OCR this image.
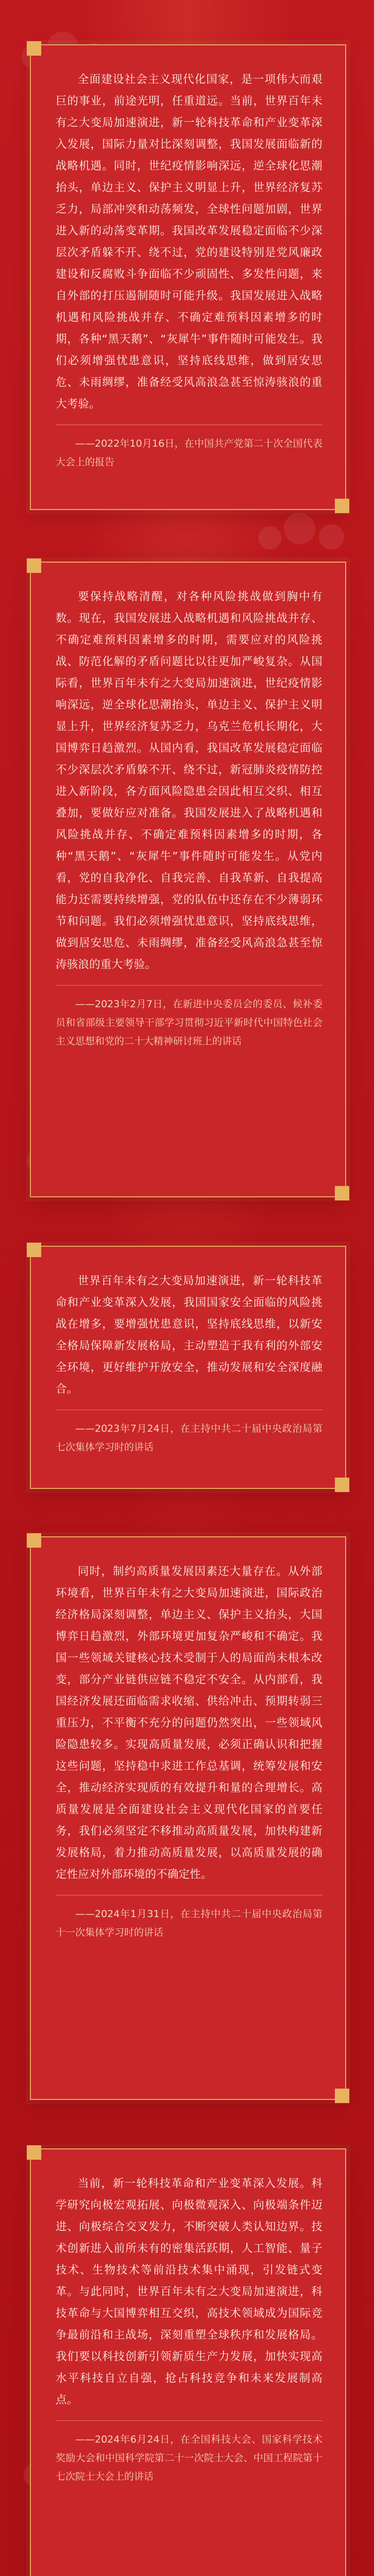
全面建设社会主义现代化国家，是一项伟大而艰巨的事业，前途光明，任重道远。当前，世界百年未有之大变局加速演进，新一轮科技革命和产业变革深入发展，国际力量对比深刻调整，我国发展面临新的战略机遇。同时，世纪疫情影响深远，逆全球化思潮抬头，单边主义、保护主义明显上升，世界经济复苏乏力，局部冲突和动荡频发，全球性问题加剧，世界进入新的动荡变革期。我国改革发展稳定面临不少深层次矛盾躲不开、绕不过，党的建设特别是党风廉政建设和反腐败斗争面临不少顽固性、多发性问题，来自外部的打压遏制随时可能升级。我国发展进入战略机遇和风险挑战并存、不确定难预料因素增多的时期，各种“黑天鹅”、“灰犀牛”事件随时可能发生。我们必须增强忧患意识，坚持底线思维，做到居安思危、未雨绸缪，准备经受风高浪急甚至惊涛骇浪的重大考验。

——2022年10月16日，在中国共产党第二十次全国代表大会上的报告

要保持战略清醒，对各种风险挑战做到胸中有数。现在，我国发展进入战略机遇和风险挑战并存、不确定难预料因素增多的时期，需要应对的风险挑战、防范化解的矛盾问题比以往更加严峻复杂。从国际看，世界百年未有之大变局加速演进，世纪疫情影响深远，逆全球化思潮抬头，单边主义、保护主义明显上升，世界经济复苏乏力，乌克兰危机长期化，大国博弈日趋激烈。从国内看，我国改革发展稳定面临不少深层次矛盾躲不开、绕不过，新冠肺炎疫情防控进入新阶段，各方面风险隐患会因此相互交织、相互叠加，要做好应对准备。我国发展进入了战略机遇和风险挑战并存、不确定难预料因素增多的时期，各种“黑天鹅”、“灰犀牛”事件随时可能发生。从党内看，党的自我净化、自我完善、自我革新、自我提高能力还需要持续增强，党的队伍中还存在不少薄弱环节和问题。我们必须增强忧患意识，坚持底线思维，做到居安思危、未雨绸缪，准备经受风高浪急甚至惊涛骇浪的重大考验。

——2023年2月7日，在新进中央委员会的委员、候补委员和省部级主要领导干部学习贯彻习近平新时代中国特色社会主义思想和党的二十大精神研讨班上的讲话

世界百年未有之大变局加速演进，新一轮科技革命和产业变革深入发展，我国国家安全面临的风险挑战在增多，要增强忧患意识，坚持底线思维，以新安全格局保障新发展格局，主动塑造于我有利的外部安全环境，更好维护开放安全，推动发展和安全深度融合。

——2023年7月24日，在主持中共二十届中央政治局第七次集体学习时的讲话

同时，制约高质量发展因素还大量存在。从外部环境看，世界百年未有之大变局加速演进，国际政治经济格局深刻调整，单边主义、保护主义抬头，大国博弈日趋激烈，外部环境更加复杂严峻和不确定。我国一些领域关键核心技术受制于人的局面尚未根本改变，部分产业链供应链不稳定不安全。从内部看，我国经济发展还面临需求收缩、供给冲击、预期转弱三重压力，不平衡不充分的问题仍然突出，一些领域风险隐患较多。实现高质量发展，必须正确认识和把握这些问题，坚持稳中求进工作总基调，统筹发展和安全，推动经济实现质的有效提升和量的合理增长。高质量发展是全面建设社会主义现代化国家的首要任务，我们必须坚定不移推动高质量发展，加快构建新发展格局，着力推动高质量发展，以高质量发展的确定性应对外部环境的不确定性。

——2024年1月31日，在主持中共二十届中央政治局第十一次集体学习时的讲话

当前，新一轮科技革命和产业变革深入发展。科学研究向极宏观拓展、向极微观深入、向极端条件迈进、向极综合交叉发力，不断突破人类认知边界。技术创新进入前所未有的密集活跃期，人工智能、量子技术、生物技术等前沿技术集中涌现，引发链式变革。与此同时，世界百年未有之大变局加速演进，科技革命与大国博弈相互交织，高技术领域成为国际竞争最前沿和主战场，深刻重塑全球秩序和发展格局。我们要以科技创新引领新质生产力发展，加快实现高水平科技自立自强，抢占科技竞争和未来发展制高点。

——2024年6月24日，在全国科技大会、国家科学技术奖励大会和中国科学院第二十一次院士大会、中国工程院第十七次院士大会上的讲话
